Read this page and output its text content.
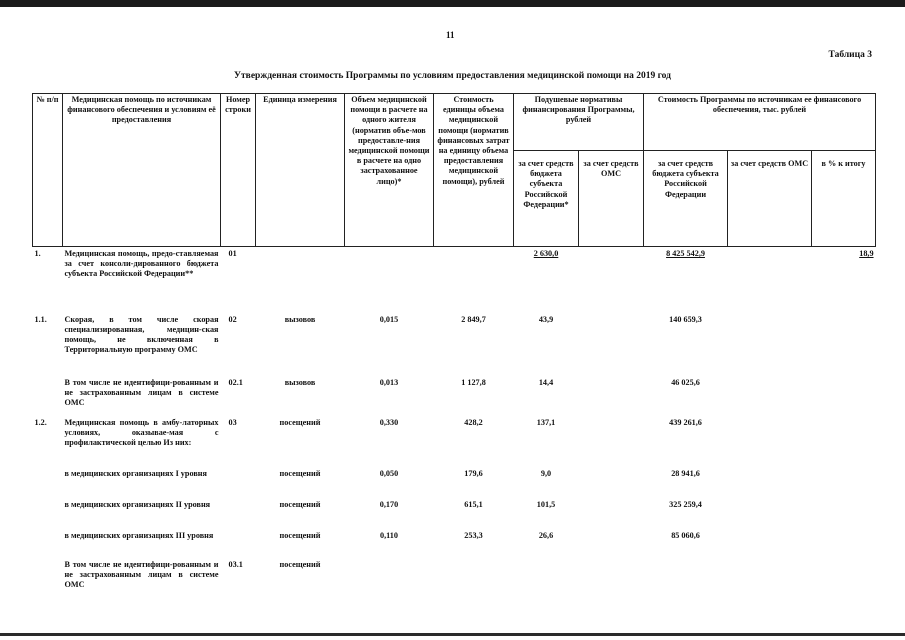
11
Таблица 3
Утвержденная стоимость Программы по условиям предоставления медицинской помощи на 2019 год
№ п/п	Медицинская помощь по источникам финансового обеспечения и условиям её предоставления	Номер строки	Единица измерения	Объем медицинской помощи в расчете на одного жителя (норматив объе-мов предоставле-ния медицинской помощи в расчете на одно застрахованное лицо)*	Стоимость единицы объема медицинской помощи (норматив финансовых затрат на единицу объема предоставления медицинской помощи), рублей	Подушевые нормативы финансирования Программы, рублей		Стоимость Программы по источникам ее финансового обеспечения, тыс. рублей		
						за счет средств бюджета субъекта Российской Федерации*	за счет средств ОМС	за счет средств бюджета субъекта Российской Федерации	за счет средств ОМС	в % к итогу
1.	Медицинская помощь, предо-ставляемая за счет консоли-дированного бюджета субъекта Российской Федерации**	01				2 630,0		8 425 542,9		18,9
1.1.	Скорая, в том числе скорая специализированная, медицин-ская помощь, не включенная в Территориальную программу ОМС	02	вызовов	0,015	2 849,7	43,9		140 659,3		
	В том числе не идентифици-рованным и не застрахованным лицам в системе ОМС	02.1	вызовов	0,013	1 127,8	14,4		46 025,6		
1.2.	Медицинская помощь в амбу-латорных условиях, оказывае-мая с профилактической целью Из них:	03	посещений	0,330	428,2	137,1		439 261,6		
	в медицинских организациях I уровня		посещений	0,050	179,6	9,0		28 941,6		
	в медицинских организациях II уровня		посещений	0,170	615,1	101,5		325 259,4		
	в медицинских организациях III уровня		посещений	0,110	253,3	26,6		85 060,6		
	В том числе не идентифици-рованным и не застрахованным лицам в системе ОМС	03.1	посещений							
